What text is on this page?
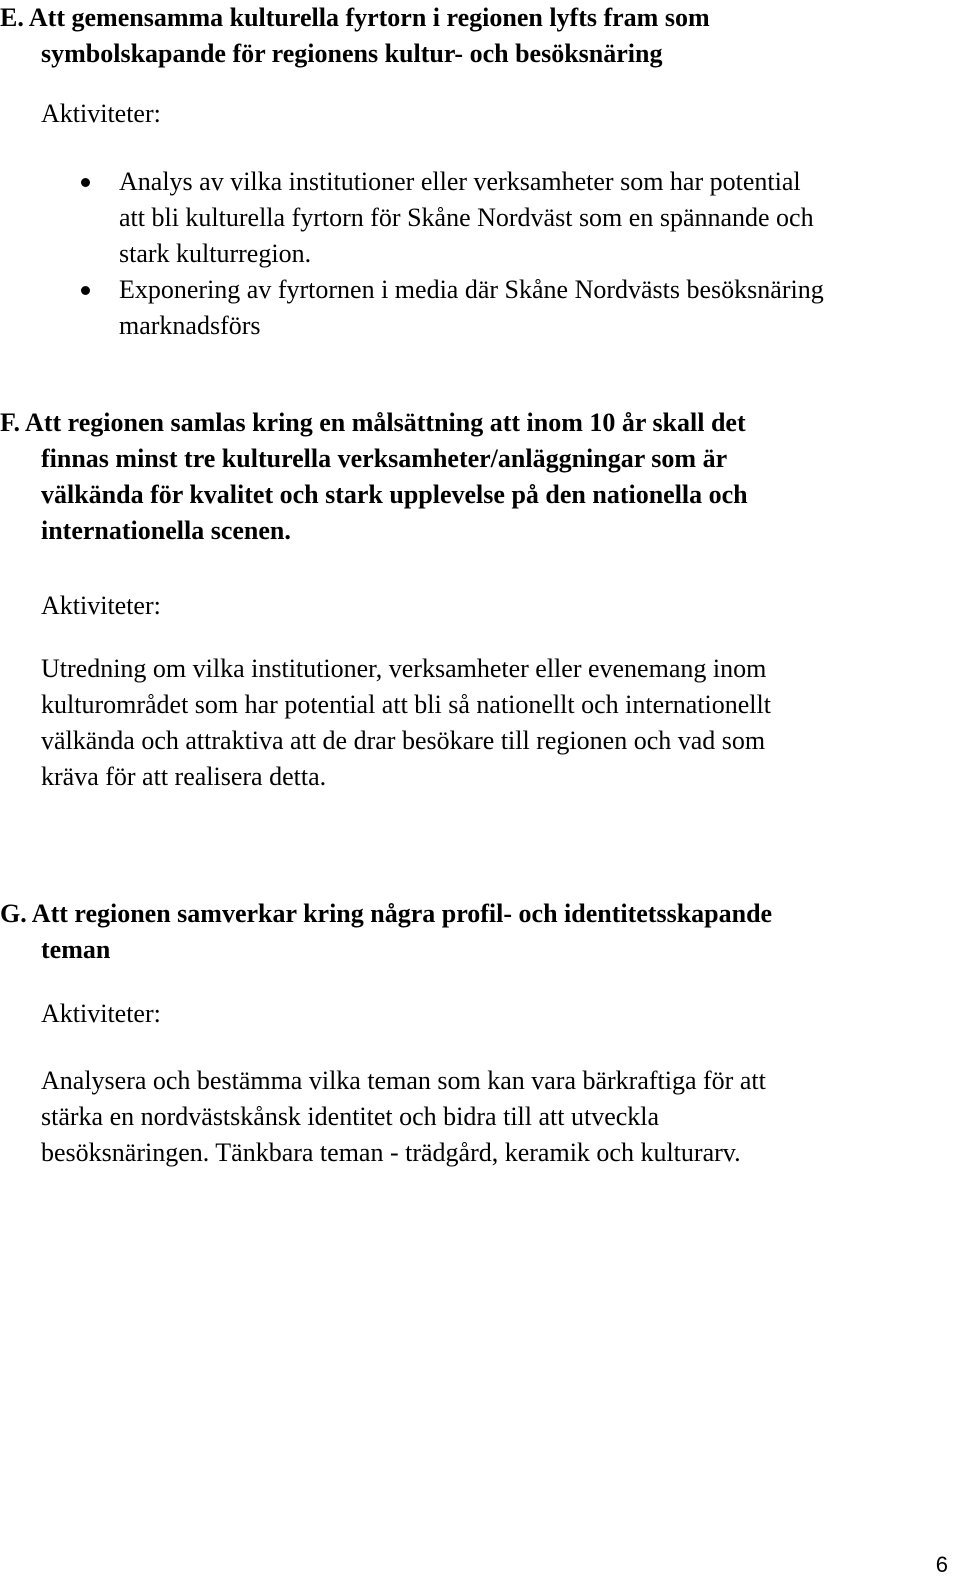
E. Att gemensamma kulturella fyrtorn i regionen lyfts fram som
symbolskapande för regionens kultur- och besöksnäring

Aktiviteter:

Analys av vilka institutioner eller verksamheter som har potential
att bli kulturella fyrtorn för Skåne Nordväst som en spännande och
stark kulturregion.
Exponering av fyrtornen i media där Skåne Nordvästs besöksnäring
marknadsförs
F. Att regionen samlas kring en målsättning att inom 10 år skall det
finnas minst tre kulturella verksamheter/anläggningar som är
välkända för kvalitet och stark upplevelse på den nationella och
internationella scenen.

Aktiviteter:

Utredning om vilka institutioner, verksamheter eller evenemang inom
kulturområdet som har potential att bli så nationellt och internationellt
välkända och attraktiva att de drar besökare till regionen och vad som
kräva för att realisera detta.

G. Att regionen samverkar kring några profil- och identitetsskapande
teman

Aktiviteter:

Analysera och bestämma vilka teman som kan vara bärkraftiga för att
stärka en nordvästskånsk identitet och bidra till att utveckla
besöksnäringen. Tänkbara teman - trädgård, keramik och kulturarv.

6
